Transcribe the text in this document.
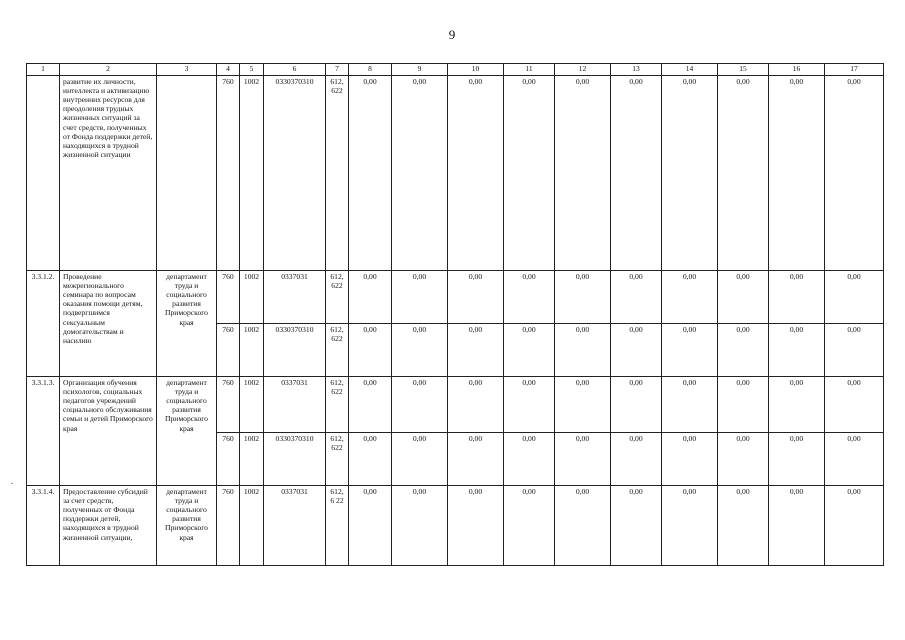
9
1	2	3	4	5	6	7	8	9	10	11	12	13	14	15	16	17
	развитие их личности, интеллекта и активизацию внутренних ресурсов для преодоления трудных жизненных ситуаций за счет средств, полученных от Фонда поддержки детей, находящихся в трудной жизненной ситуации		760	1002	0330370310	612, 622	0,00	0,00	0,00	0,00	0,00	0,00	0,00	0,00	0,00	0,00
3.3.1.2.	Проведение межрегионального семинара по вопросам оказания помощи детям, подвергшимся сексуальным домогательствам и насилию	департамент труда и социального развития Приморского края	760	1002	0337031	612, 622	0,00	0,00	0,00	0,00	0,00	0,00	0,00	0,00	0,00	0,00
			760	1002	0330370310	612, 622	0,00	0,00	0,00	0,00	0,00	0,00	0,00	0,00	0,00	0,00
3.3.1.3.	Организация обучения психологов, социальных педагогов учреждений социального обслуживания семьи и детей Приморского края	департамент труда и социального развития Приморского края	760	1002	0337031	612, 622	0,00	0,00	0,00	0,00	0,00	0,00	0,00	0,00	0,00	0,00
			760	1002	0330370310	612, 622	0,00	0,00	0,00	0,00	0,00	0,00	0,00	0,00	0,00	0,00
3.3.1.4.	Предоставление субсидий за счет средств, полученных от Фонда поддержки детей, находящихся в трудной жизненной ситуации,	департамент труда и социального развития Приморского края	760	1002	0337031	612,6 22	0,00	0,00	0,00	0,00	0,00	0,00	0,00	0,00	0,00	0,00
